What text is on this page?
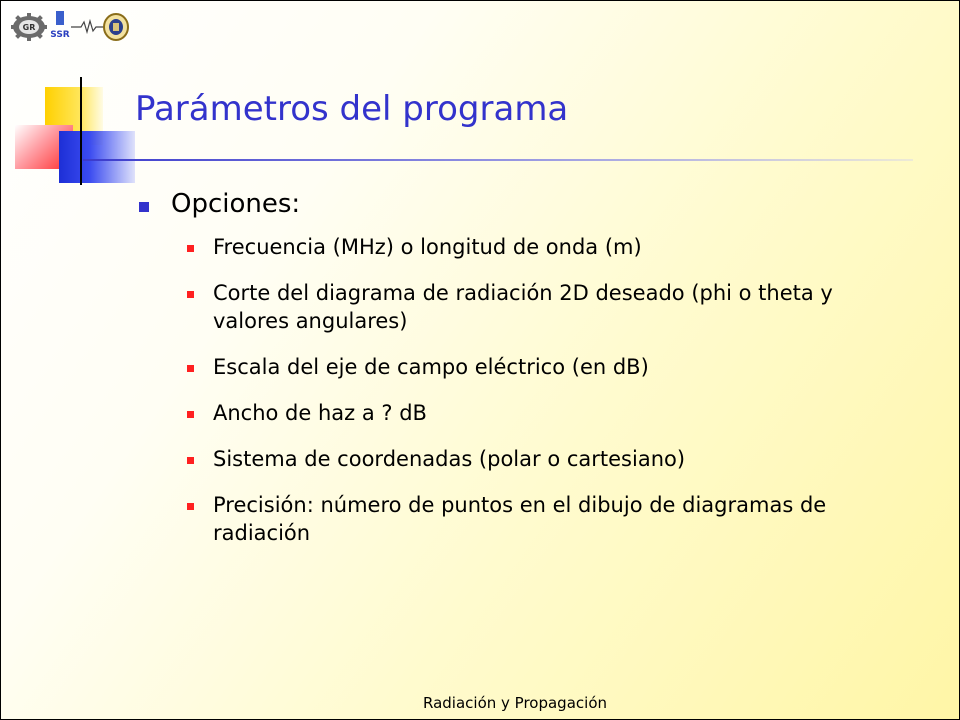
GR
SSR
Parámetros del programa
Opciones:
Frecuencia (MHz) o longitud de onda (m)
Corte del diagrama de radiación 2D deseado (phi o theta y valores angulares)
Escala del eje de campo eléctrico (en dB)
Ancho de haz a ? dB
Sistema de coordenadas (polar o cartesiano)
Precisión: número de puntos en el dibujo de diagramas de radiación
Radiación y Propagación
